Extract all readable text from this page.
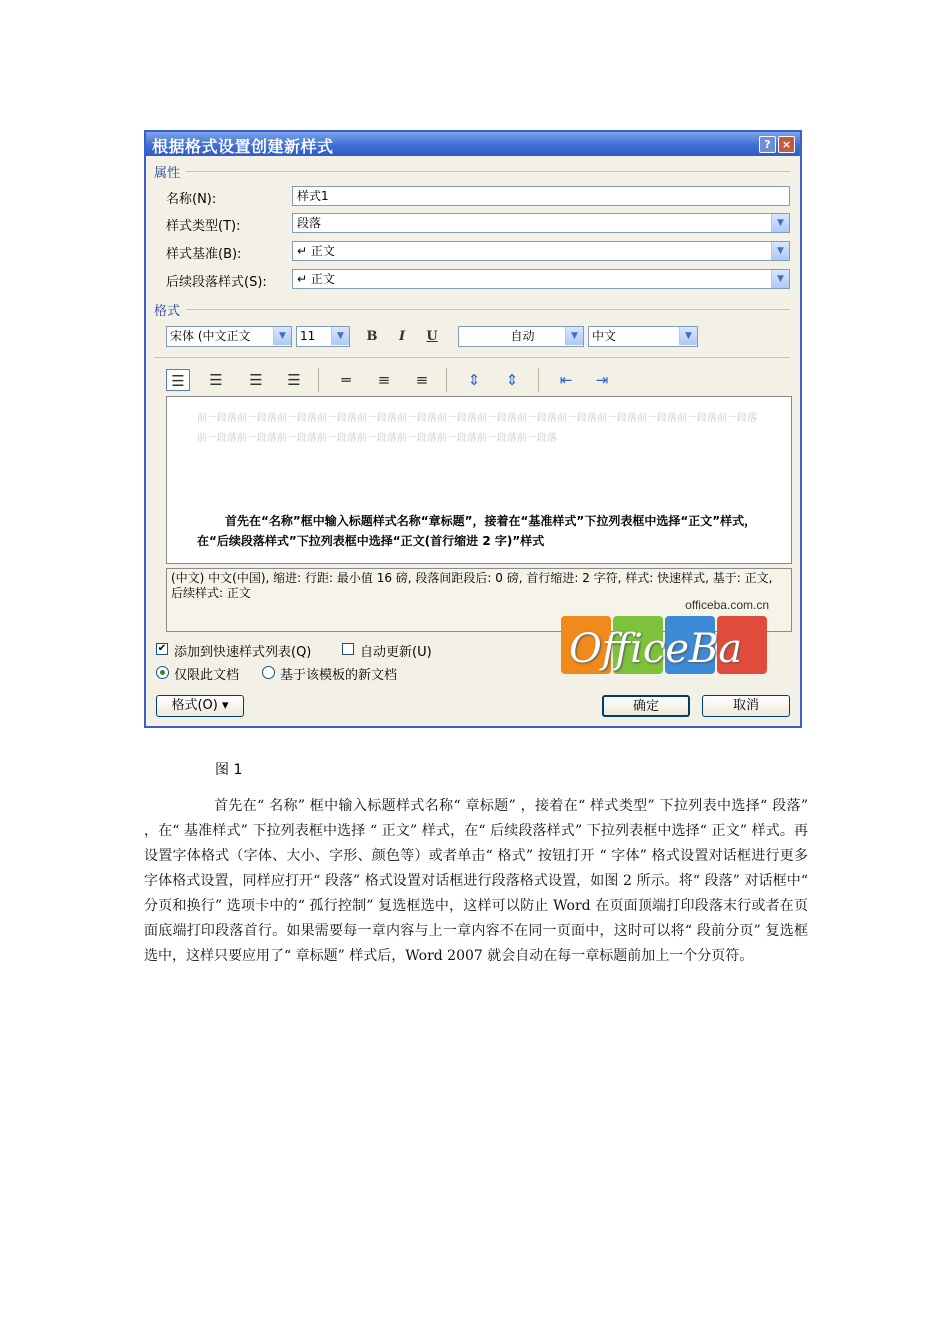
根据格式设置创建新样式	?	×
属性
名称(N):	样式1
样式类型(T):	段落	▼
样式基准(B):	↵ 正文	▼
后续段落样式(S):	↵ 正文	▼
格式
宋体 (中文正文	▼	11	▼	B	I	U	自动	▼	中文	▼
☰	☰	☰	☰	═	≡	≡	⇕	⇕	⇤	⇥
前一段落前一段落前一段落前一段落前一段落前一段落前一段落前一段落前一段落前一段落前一段落前一段落前一段落前一段落前一段落前一段落前一段落前一段落前一段落前一段落前一段落前一段落前一段落
首先在“名称”框中输入标题样式名称“章标题”，接着在“基准样式”下拉列表框中选择“正文”样式，在“后续段落样式”下拉列表框中选择“正文(首行缩进 2 字)”样式
(中文) 中文(中国), 缩进: 行距: 最小值 16 磅, 段落间距段后: 0 磅, 首行缩进: 2 字符, 样式: 快速样式, 基于: 正文, 后续样式: 正文
officeba.com.cn
OfficeBa
✔ 添加到快速样式列表(Q)	自动更新(U)
仅限此文档	基于该模板的新文档
格式(O) ▾	确定	取消
图 1
首先在“ 名称” 框中输入标题样式名称“ 章标题” ，接着在“ 样式类型” 下拉列表中选择“ 段落” ，在“ 基准样式” 下拉列表框中选择 “ 正文” 样式，在“ 后续段落样式” 下拉列表框中选择“ 正文” 样式。再设置字体格式（字体、大小、字形、颜色等）或者单击“ 格式” 按钮打开 “ 字体” 格式设置对话框进行更多字体格式设置，同样应打开“ 段落” 格式设置对话框进行段落格式设置，如图 2 所示。将“ 段落” 对话框中“ 分页和换行” 选项卡中的“ 孤行控制” 复选框选中，这样可以防止 Word 在页面顶端打印段落末行或者在页面底端打印段落首行。如果需要每一章内容与上一章内容不在同一页面中，这时可以将“ 段前分页” 复选框选中，这样只要应用了“ 章标题” 样式后，Word 2007 就会自动在每一章标题前加上一个分页符。
